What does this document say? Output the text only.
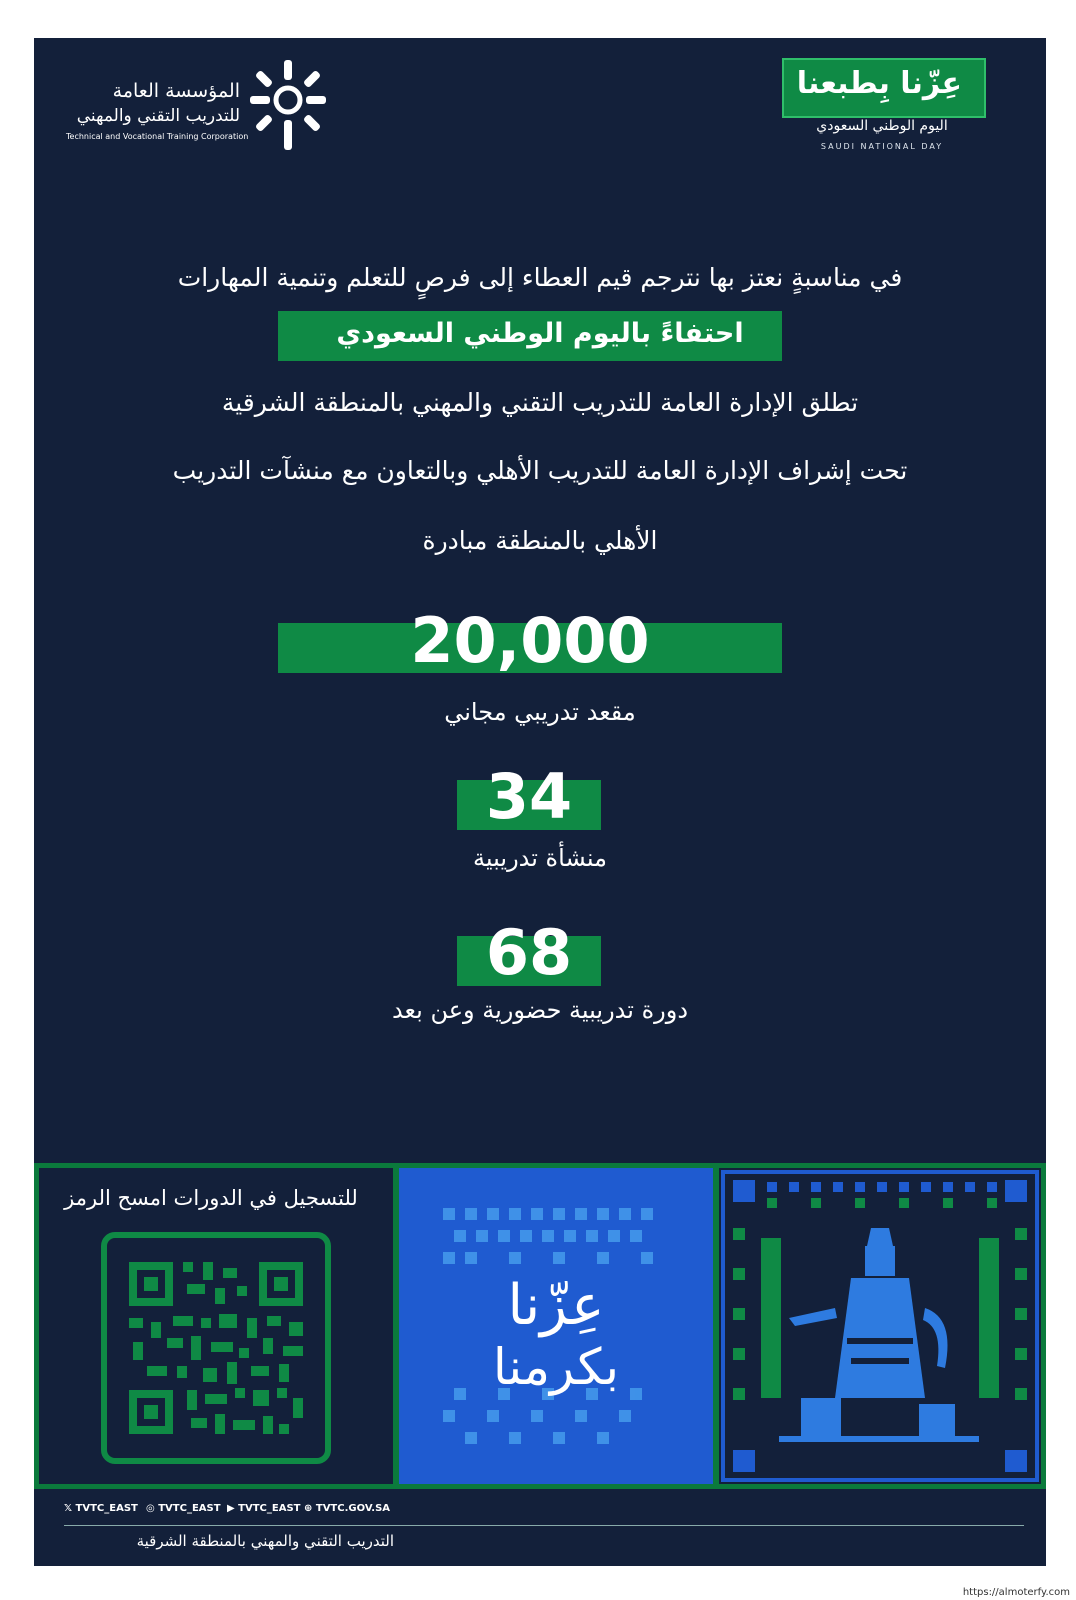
المؤسسة العامة
للتدريب التقني والمهني
Technical and Vocational Training Corporation
عِزّنا بِطبعنا
اليوم الوطني السعودي
SAUDI NATIONAL DAY
في مناسبةٍ نعتز بها نترجم قيم العطاء إلى فرصٍ للتعلم وتنمية المهارات
احتفاءً باليوم الوطني السعودي
تطلق الإدارة العامة للتدريب التقني والمهني بالمنطقة الشرقية
تحت إشراف الإدارة العامة للتدريب الأهلي وبالتعاون مع منشآت التدريب
الأهلي بالمنطقة مبادرة
20,000
مقعد تدريبي مجاني
34
منشأة تدريبية
68
دورة تدريبية حضورية وعن بعد
للتسجيل في الدورات امسح الرمز
عِزّنا
بكرمنا
𝕏 TVTC_EAST ◎ TVTC_EAST ▶ TVTC_EAST ⊕ TVTC.GOV.SA
التدريب التقني والمهني بالمنطقة الشرقية
https://almoterfy.com
